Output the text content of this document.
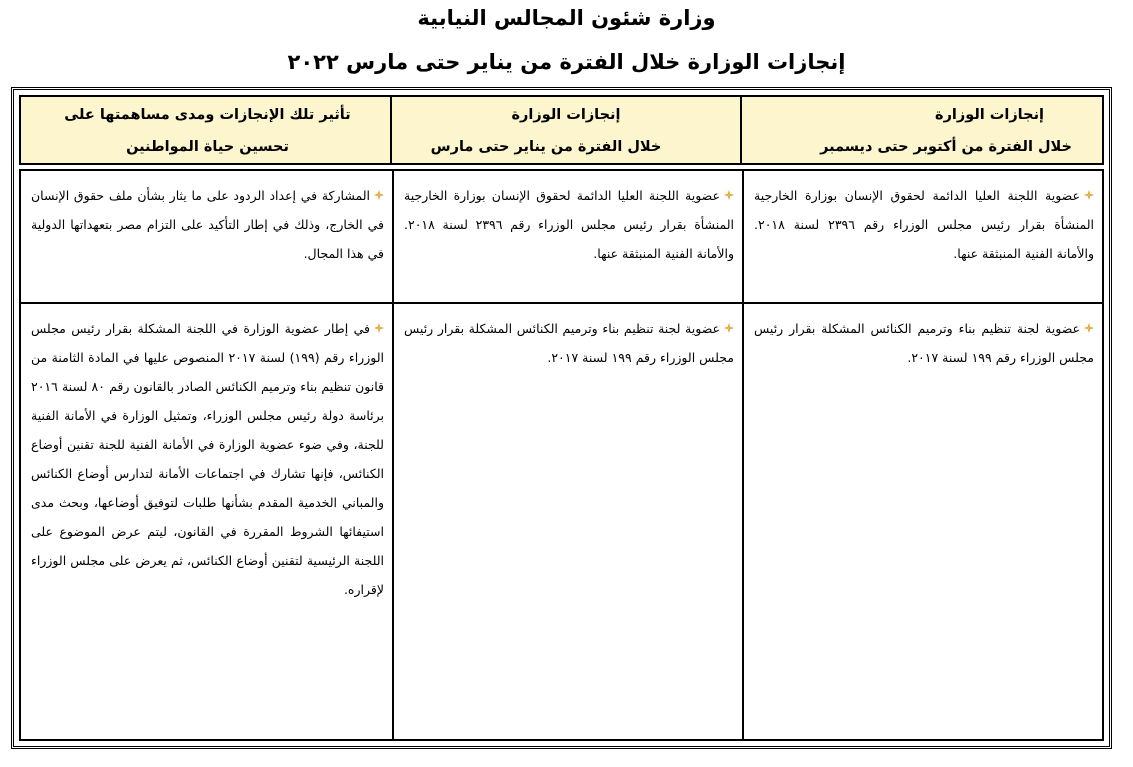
وزارة شئون المجالس النيابية
إنجازات الوزارة خلال الفترة من يناير حتى مارس ٢٠٢٢
إنجازات الوزارة
خلال الفترة من أكتوبر حتى ديسمبر
إنجازات الوزارة
خلال الفترة من يناير حتى مارس
تأثير تلك الإنجازات ومدى مساهمتها على
تحسين حياة المواطنين
عضوية اللجنة العليا الدائمة لحقوق الإنسان بوزارة الخارجية المنشأة بقرار رئيس مجلس الوزراء رقم ٢٣٩٦ لسنة ٢٠١٨. والأمانة الفنية المنبثقة عنها.
عضوية اللجنة العليا الدائمة لحقوق الإنسان بوزارة الخارجية المنشأة بقرار رئيس مجلس الوزراء رقم ٢٣٩٦ لسنة ٢٠١٨. والأمانة الفنية المنبثقة عنها.
المشاركة في إعداد الردود على ما يثار بشأن ملف حقوق الإنسان في الخارج، وذلك في إطار التأكيد على التزام مصر بتعهداتها الدولية في هذا المجال.
عضوية لجنة تنظيم بناء وترميم الكنائس المشكلة بقرار رئيس مجلس الوزراء رقم ١٩٩ لسنة ٢٠١٧.
عضوية لجنة تنظيم بناء وترميم الكنائس المشكلة بقرار رئيس مجلس الوزراء رقم ١٩٩ لسنة ٢٠١٧.
في إطار عضوية الوزارة في اللجنة المشكلة بقرار رئيس مجلس الوزراء رقم (١٩٩) لسنة ٢٠١٧ المنصوص عليها في المادة الثامنة من قانون تنظيم بناء وترميم الكنائس الصادر بالقانون رقم ٨٠ لسنة ٢٠١٦ برئاسة دولة رئيس مجلس الوزراء، وتمثيل الوزارة في الأمانة الفنية للجنة، وفي ضوء عضوية الوزارة في الأمانة الفنية للجنة تقنين أوضاع الكنائس، فإنها تشارك في اجتماعات الأمانة لتدارس أوضاع الكنائس والمباني الخدمية المقدم بشأنها طلبات لتوفيق أوضاعها، وبحث مدى استيفائها الشروط المقررة في القانون، ليتم عرض الموضوع على اللجنة الرئيسية لتقنين أوضاع الكنائس، ثم يعرض على مجلس الوزراء لإقراره.
